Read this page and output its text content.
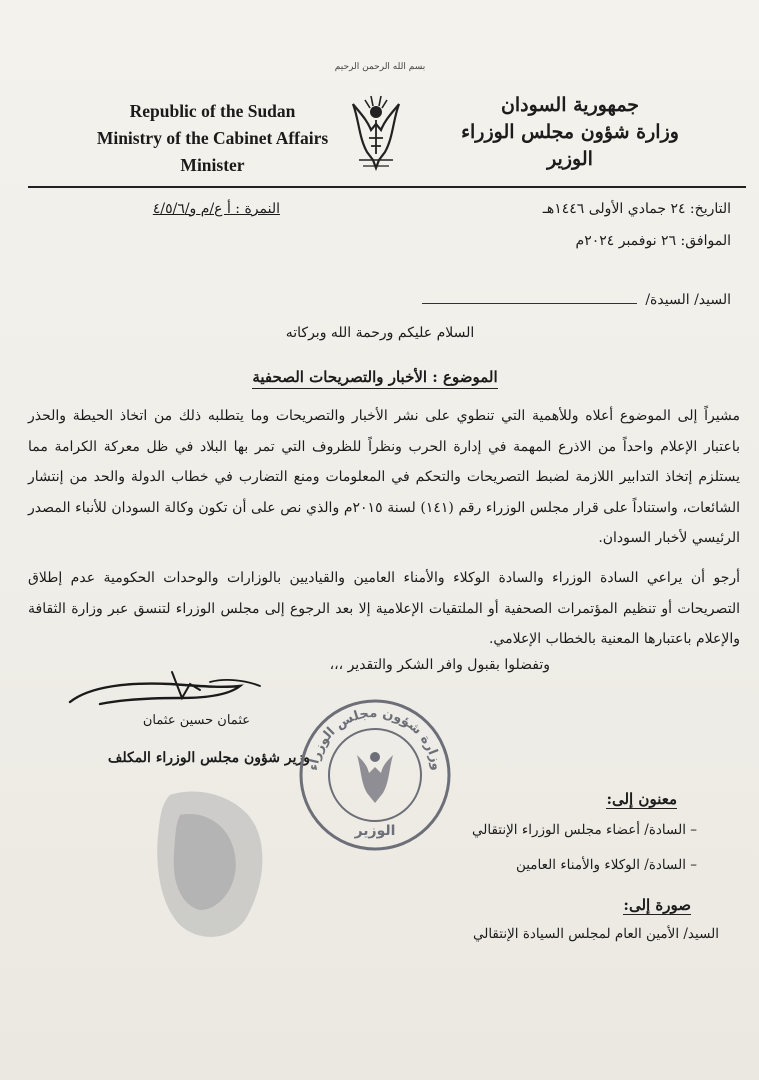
بسم الله الرحمن الرحيم
Republic of the Sudan
Ministry of the Cabinet Affairs
Minister
جمهورية السودان
وزارة شؤون مجلس الوزراء
الوزير
النمرة : أ ع/م و/٤/٥/٦	التاريخ: ٢٤ جمادي الأولى ١٤٤٦هـ
الموافق: ٢٦ نوفمبر ٢٠٢٤م
السيد/ السيدة/
السلام عليكم ورحمة الله وبركاته
الموضوع : الأخبار والتصريحات الصحفية
مشيراً إلى الموضوع أعلاه وللأهمية التي تنطوي على نشر الأخبار والتصريحات وما يتطلبه ذلك من اتخاذ الحيطة والحذر باعتبار الإعلام واحداً من الاذرع المهمة في إدارة الحرب ونظراً للظروف التي تمر بها البلاد في ظل معركة الكرامة مما يستلزم إتخاذ التدابير اللازمة لضبط التصريحات والتحكم في المعلومات ومنع التضارب في خطاب الدولة والحد من إنتشار الشائعات، واستناداً على قرار مجلس الوزراء رقم (١٤١) لسنة ٢٠١٥م والذي نص على أن تكون وكالة السودان للأنباء المصدر الرئيسي لأخبار السودان.
أرجو أن يراعي السادة الوزراء والسادة الوكلاء والأمناء العامين والقياديين بالوزارات والوحدات الحكومية عدم إطلاق التصريحات أو تنظيم المؤتمرات الصحفية أو الملتقيات الإعلامية إلا بعد الرجوع إلى مجلس الوزراء لتنسق عبر وزارة الثقافة والإعلام باعتبارها المعنية بالخطاب الإعلامي.
وتفضلوا بقبول وافر الشكر والتقدير ،،،
عثمان حسين عثمان
وزير شؤون مجلس الوزراء المكلف
وزارة شؤون مجلس الوزراء
الوزير
معنون إلى:
– السادة/ أعضاء مجلس الوزراء الإنتقالي
– السادة/ الوكلاء والأمناء العامين
صورة إلى:
السيد/ الأمين العام لمجلس السيادة الإنتقالي
